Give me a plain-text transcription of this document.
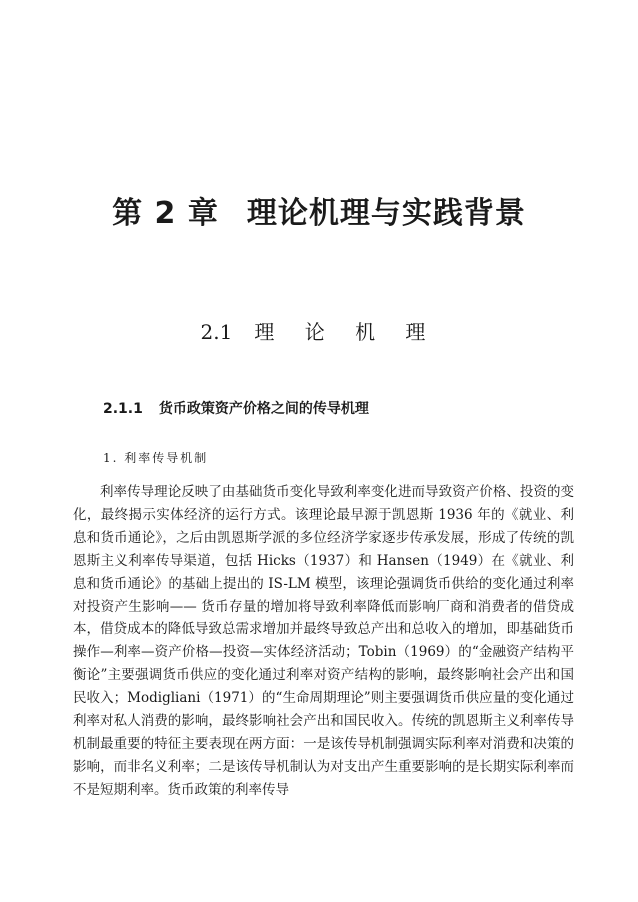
第 2 章 理论机理与实践背景
2.1 理 论 机 理
2.1.1 货币政策资产价格之间的传导机理
1. 利率传导机制

利率传导理论反映了由基础货币变化导致利率变化进而导致资产价格、投资的变化，最终揭示实体经济的运行方式。该理论最早源于凯恩斯 1936 年的《就业、利息和货币通论》，之后由凯恩斯学派的多位经济学家逐步传承发展，形成了传统的凯恩斯主义利率传导渠道，包括 Hicks（1937）和 Hansen（1949）在《就业、利息和货币通论》的基础上提出的 IS-LM 模型，该理论强调货币供给的变化通过利率对投资产生影响—— 货币存量的增加将导致利率降低而影响厂商和消费者的借贷成本，借贷成本的降低导致总需求增加并最终导致总产出和总收入的增加，即基础货币操作—利率—资产价格—投资—实体经济活动；Tobin（1969）的“金融资产结构平衡论”主要强调货币供应的变化通过利率对资产结构的影响，最终影响社会产出和国民收入；Modigliani（1971）的“生命周期理论”则主要强调货币供应量的变化通过利率对私人消费的影响，最终影响社会产出和国民收入。传统的凯恩斯主义利率传导机制最重要的特征主要表现在两方面：一是该传导机制强调实际利率对消费和决策的影响，而非名义利率；二是该传导机制认为对支出产生重要影响的是长期实际利率而不是短期利率。货币政策的利率传导
